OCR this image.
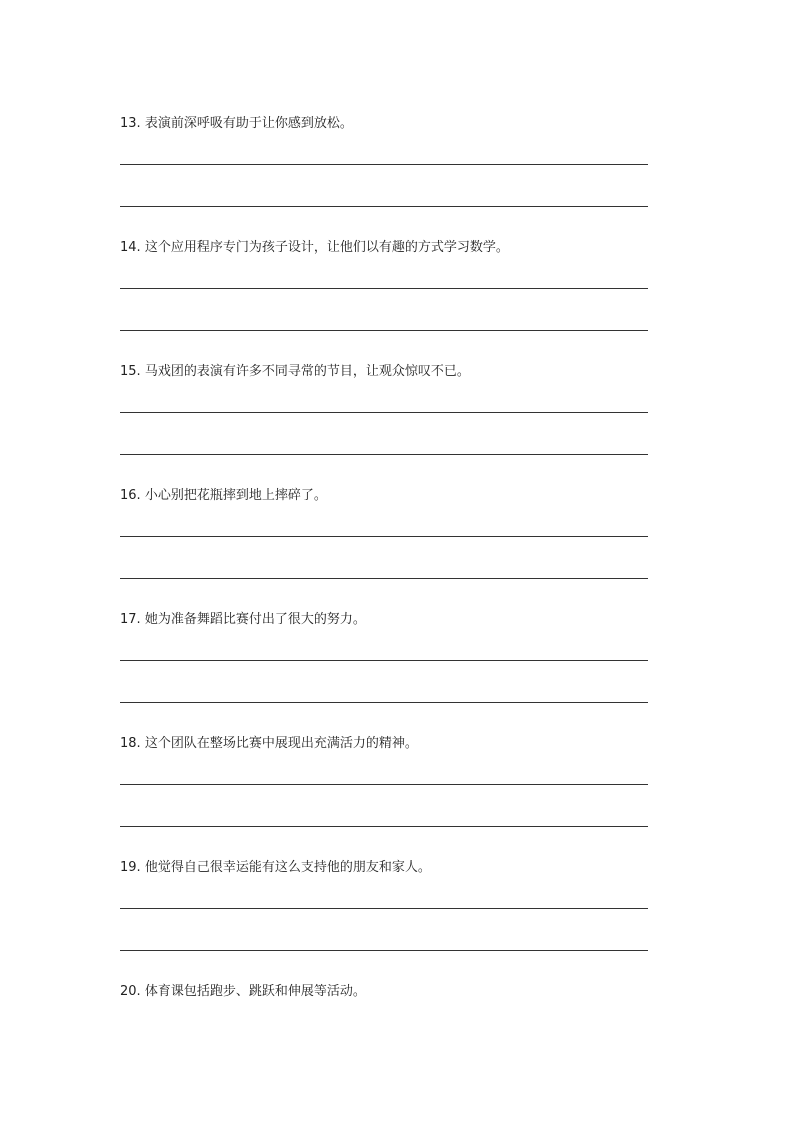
13. 表演前深呼吸有助于让你感到放松。

14. 这个应用程序专门为孩子设计，让他们以有趣的方式学习数学。

15. 马戏团的表演有许多不同寻常的节目，让观众惊叹不已。

16. 小心别把花瓶摔到地上摔碎了。

17. 她为准备舞蹈比赛付出了很大的努力。

18. 这个团队在整场比赛中展现出充满活力的精神。

19. 他觉得自己很幸运能有这么支持他的朋友和家人。

20. 体育课包括跑步、跳跃和伸展等活动。
